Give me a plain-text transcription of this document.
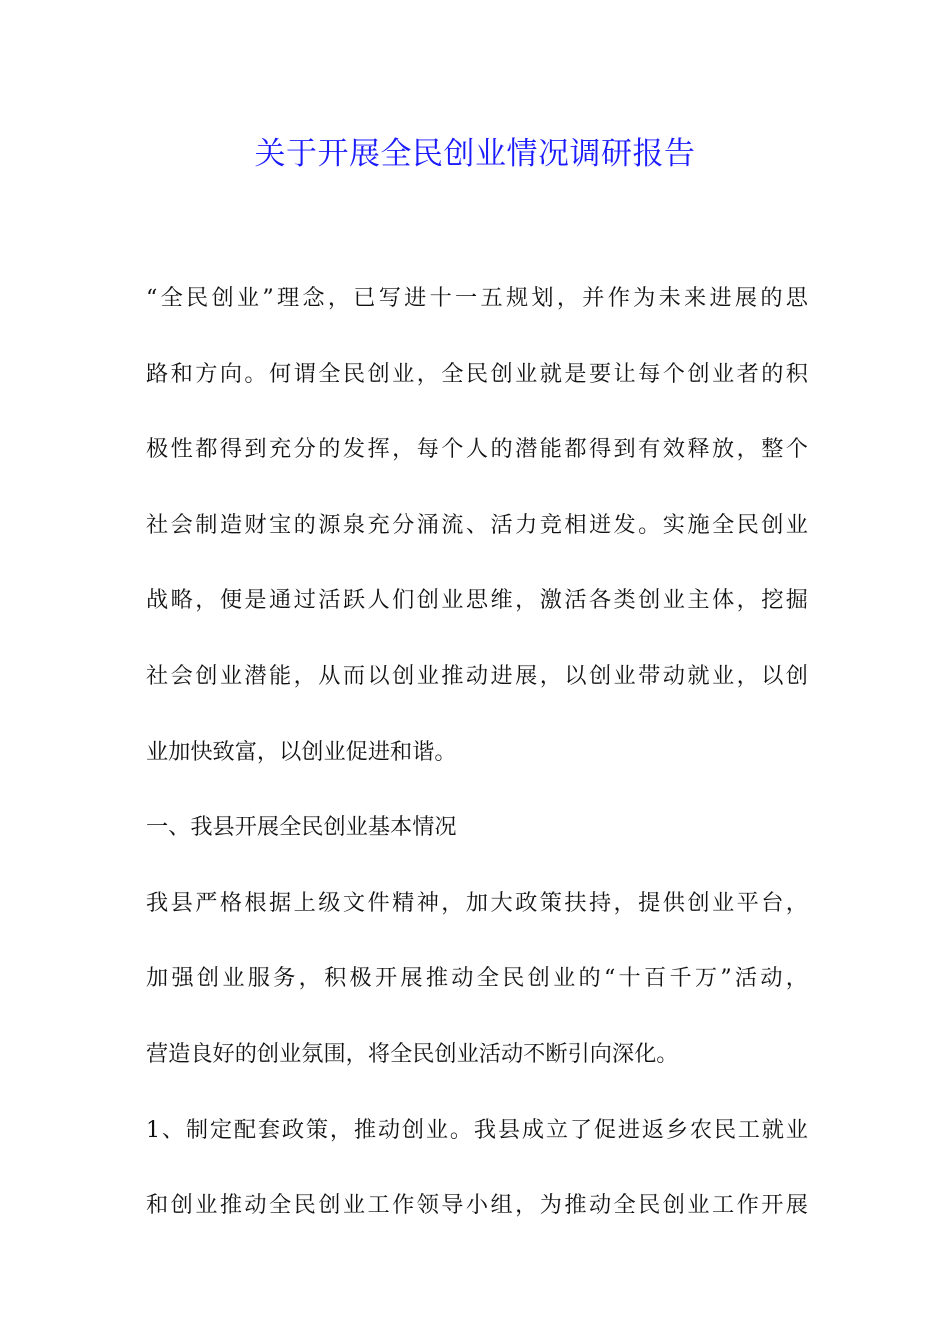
关于开展全民创业情况调研报告
“全民创业”理念，已写进十一五规划，并作为未来进展的思
路和方向。何谓全民创业，全民创业就是要让每个创业者的积
极性都得到充分的发挥，每个人的潜能都得到有效释放，整个
社会制造财宝的源泉充分涌流、活力竞相迸发。实施全民创业
战略，便是通过活跃人们创业思维，激活各类创业主体，挖掘
社会创业潜能，从而以创业推动进展，以创业带动就业，以创
业加快致富，以创业促进和谐。
一、我县开展全民创业基本情况
我县严格根据上级文件精神，加大政策扶持，提供创业平台，
加强创业服务，积极开展推动全民创业的“十百千万”活动，
营造良好的创业氛围，将全民创业活动不断引向深化。
1、制定配套政策，推动创业。我县成立了促进返乡农民工就业
和创业推动全民创业工作领导小组，为推动全民创业工作开展
